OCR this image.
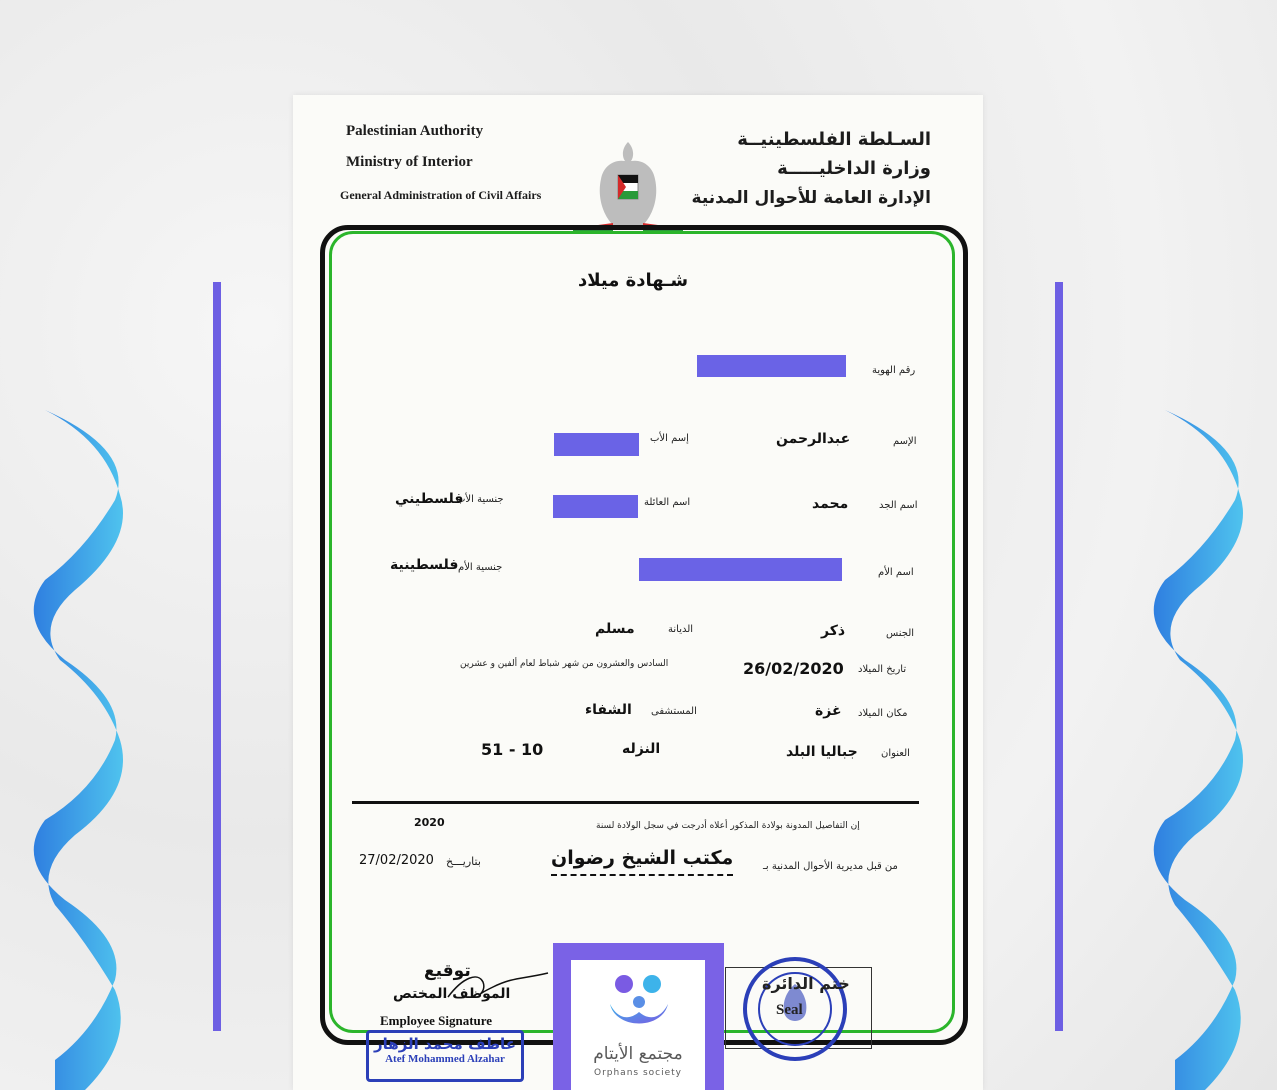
Palestinian Authority
Ministry of Interior
General Administration of Civil Affairs
السـلطة الفلسطينيــة
وزارة الداخليـــــة
الإدارة العامة للأحوال المدنية
شـهادة ميلاد
رقم الهوية
الإسم
عبدالرحمن
إسم الأب
اسم الجد
محمد
اسم العائلة
جنسية الأب
فلسطيني
اسم الأم
جنسية الأم
فلسطينية
الجنس
ذكر
الديانة
مسلم
تاريخ الميلاد
26/02/2020
السادس والعشرون من شهر شباط لعام ألفين و عشرين
مكان الميلاد
غزة
المستشفى
الشفاء
العنوان
جباليا البلد
النزله
51 - 10
إن التفاصيل المدونة بولادة المذكور أعلاه أدرجت في سجل الولادة لسنة
2020
من قبل مديرية الأحوال المدنية بـ
مكتب الشيخ رضوان
بتاريـــخ
27/02/2020
توقيع
الموظف المختص
Employee Signature
عاطف محمد الزهار
Atef Mohammed Alzahar
ختم الدائرة
Seal
مجتمع الأيتام
Orphans society
